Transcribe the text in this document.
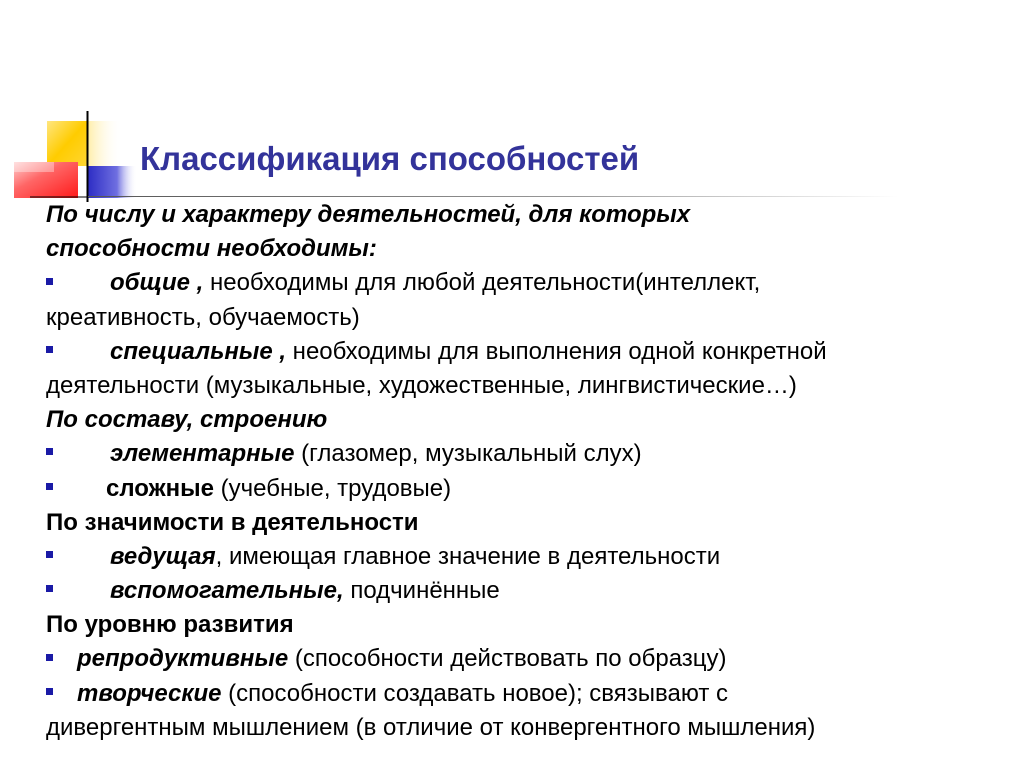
Классификация способностей
По числу и характеру деятельностей, для которых
способности необходимы:
общие , необходимы для любой деятельности(интеллект,
креативность, обучаемость)
специальные , необходимы для выполнения одной конкретной
деятельности (музыкальные, художественные, лингвистические…)
По составу, строению
элементарные (глазомер, музыкальный слух)
сложные (учебные, трудовые)
По значимости в деятельности
ведущая, имеющая главное значение в деятельности
вспомогательные, подчинённые
По уровню развития
репродуктивные (способности действовать по образцу)
творческие (способности создавать новое); связывают с
дивергентным мышлением (в отличие от конвергентного мышления)
